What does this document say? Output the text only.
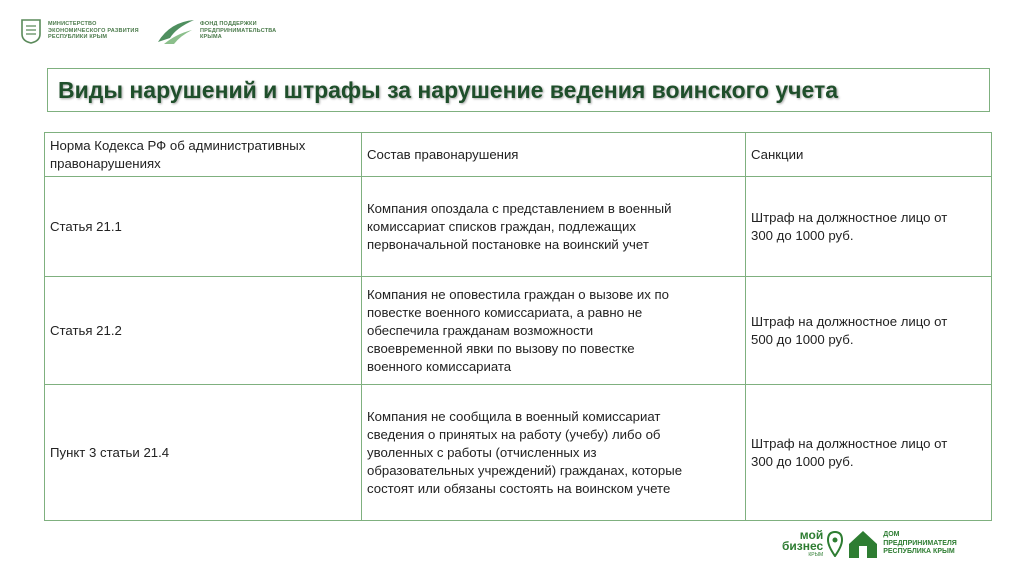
МИНИСТЕРСТВО
ЭКОНОМИЧЕСКОГО РАЗВИТИЯ
РЕСПУБЛИКИ КРЫМ
ФОНД ПОДДЕРЖКИ
ПРЕДПРИНИМАТЕЛЬСТВА
КРЫМА
Виды нарушений и штрафы за нарушение ведения воинского учета
Норма Кодекса РФ об административных
правонарушениях	Состав правонарушения	Санкции
Статья 21.1	Компания опоздала с представлением в военный
комиссариат списков граждан, подлежащих
первоначальной постановке на воинский учет	Штраф на должностное лицо от
300 до 1000 руб.
Статья 21.2	Компания не оповестила граждан о вызове их по
повестке военного комиссариата, а равно не
обеспечила гражданам возможности
своевременной явки по вызову по повестке
военного комиссариата	Штраф на должностное лицо от
500 до 1000 руб.
Пункт 3 статьи 21.4	Компания не сообщила в военный комиссариат
сведения о принятых на работу (учебу) либо об
уволенных с работы (отчисленных из
образовательных учреждений) гражданах, которые
состоят или обязаны состоять на воинском учете	Штраф на должностное лицо от
300 до 1000 руб.
мой
бизнес
КРЫМ
ДОМ
ПРЕДПРИНИМАТЕЛЯ
РЕСПУБЛИКА КРЫМ
